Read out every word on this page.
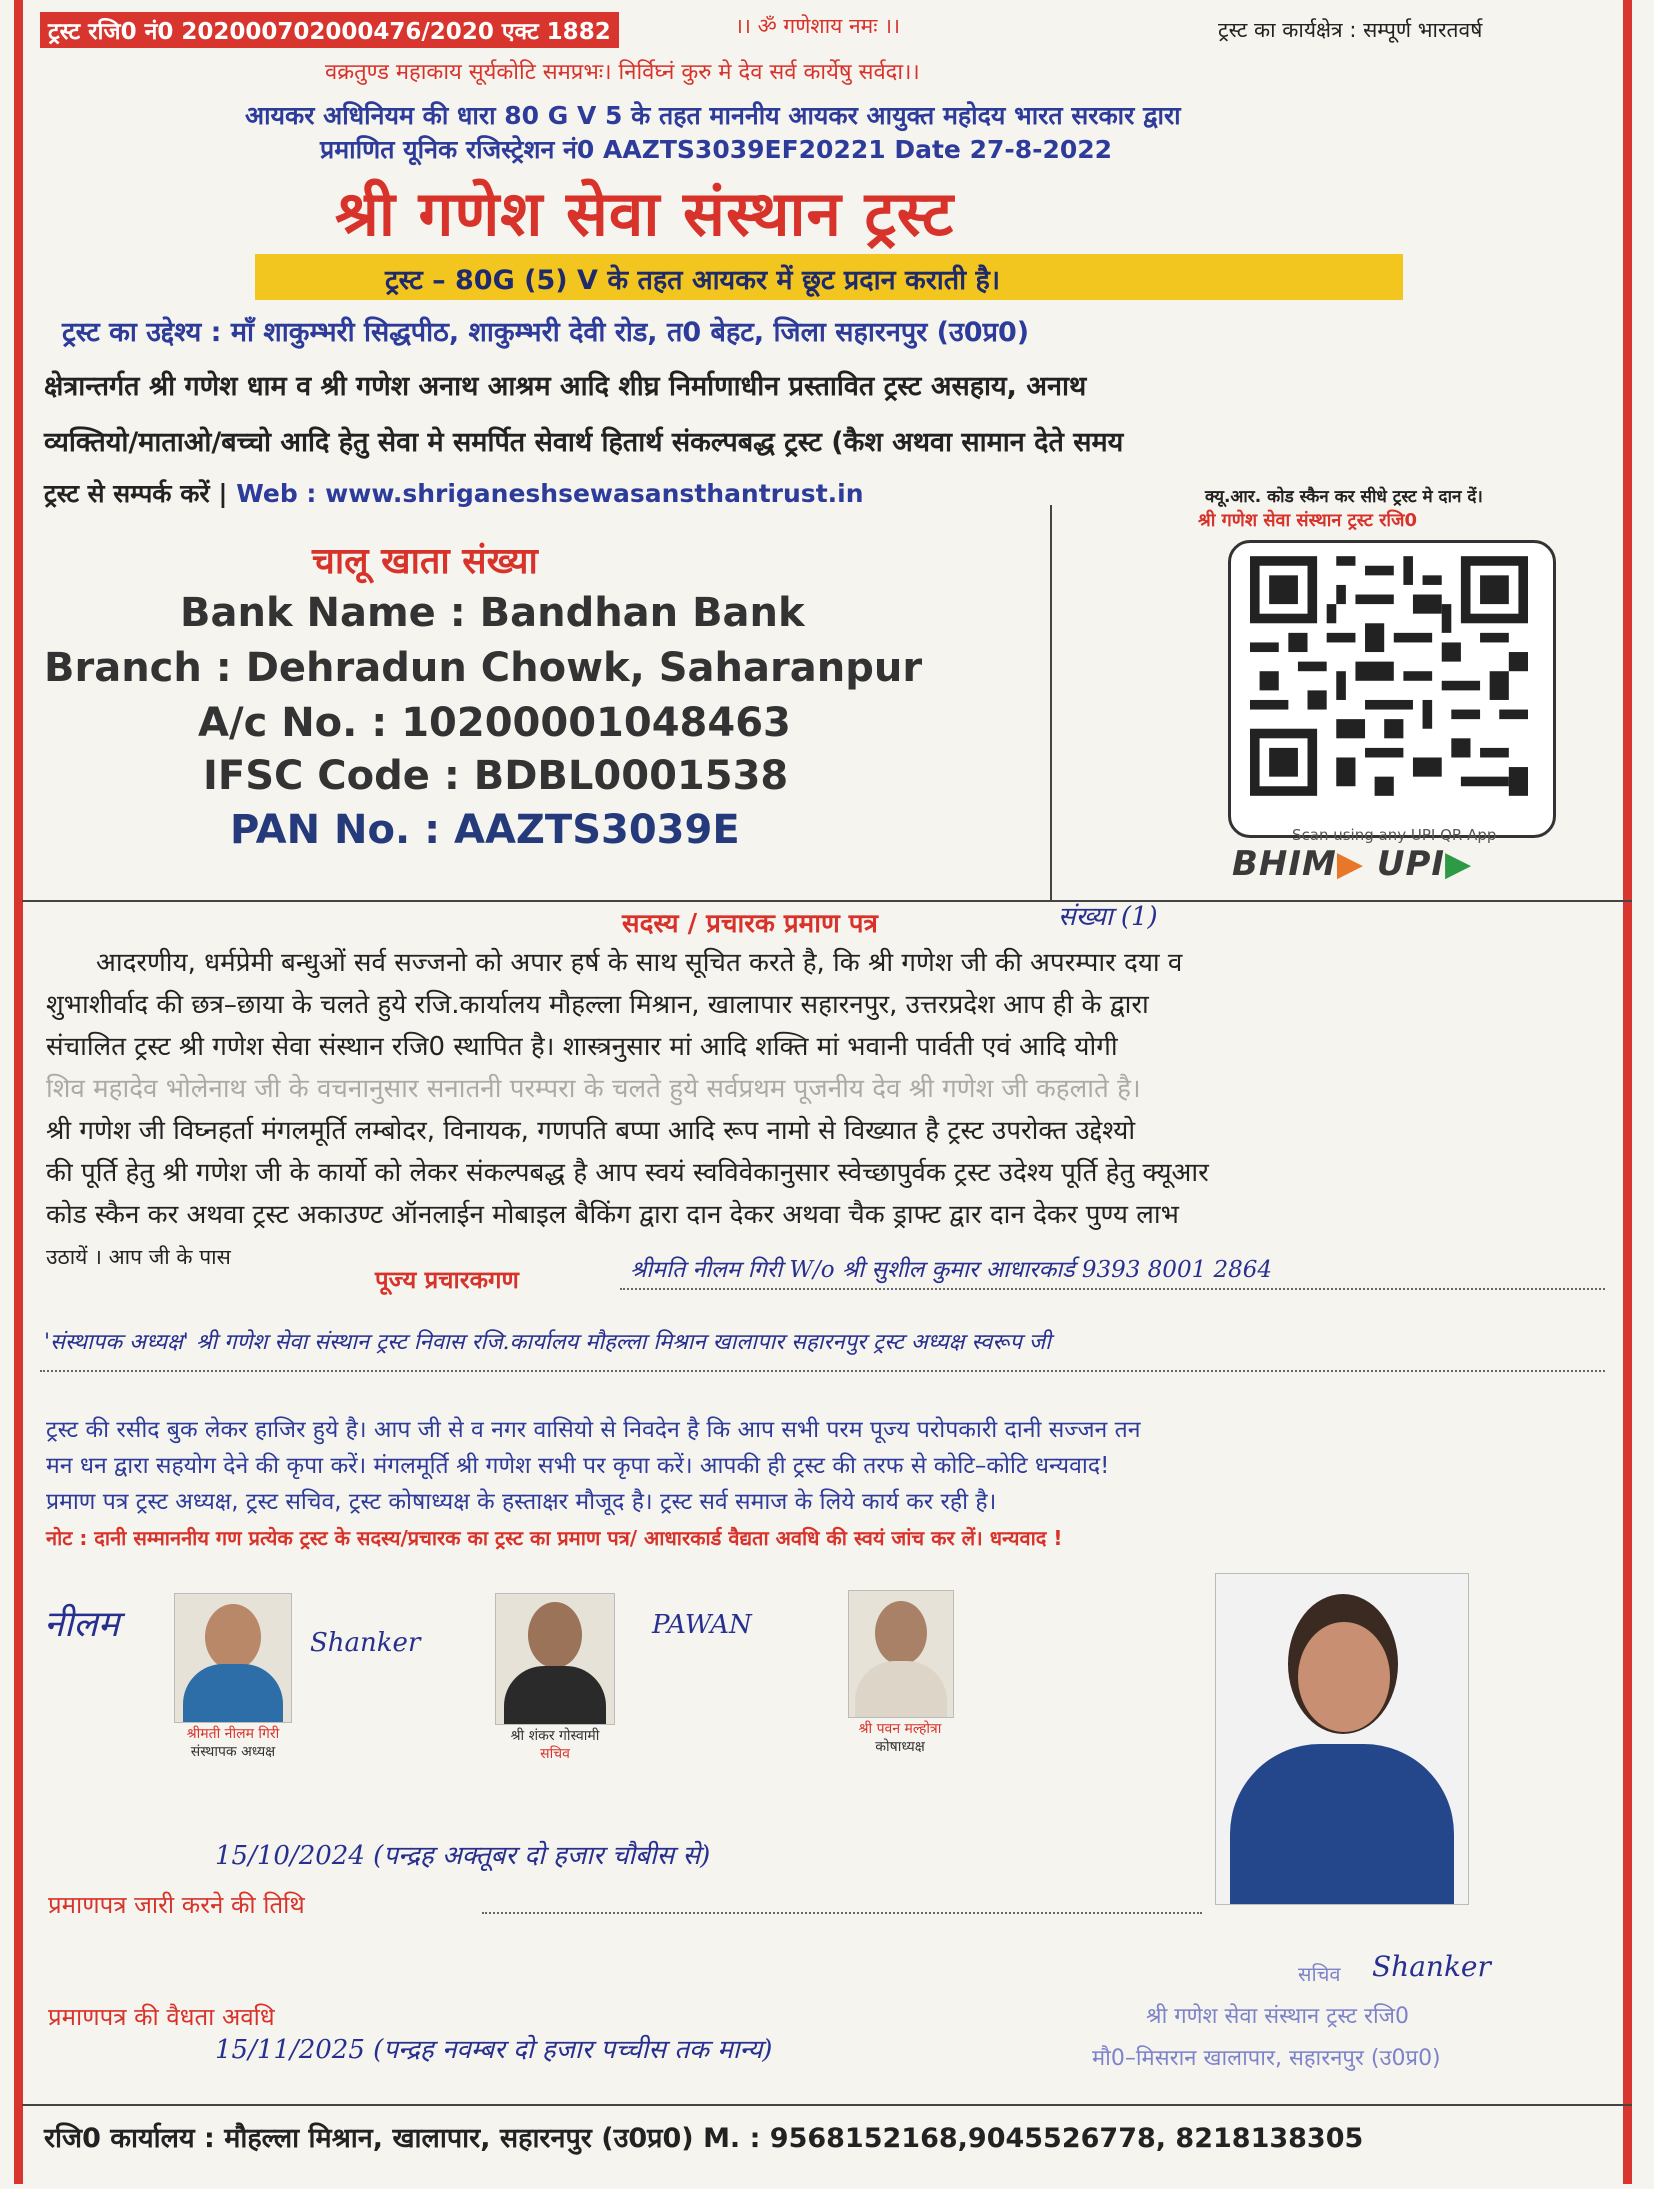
ट्रस्ट रजि0 नं0 202000702000476/2020 एक्ट 1882	।। ॐ गणेशाय नमः ।।	ट्रस्ट का कार्यक्षेत्र : सम्पूर्ण भारतवर्ष
वक्रतुण्ड महाकाय सूर्यकोटि समप्रभः। निर्विघ्नं कुरु मे देव सर्व कार्येषु सर्वदा।।
आयकर अधिनियम की धारा 80 G V 5 के तहत माननीय आयकर आयुक्त महोदय भारत सरकार द्वारा
प्रमाणित यूनिक रजिस्ट्रेशन नं0 AAZTS3039EF20221 Date 27-8-2022
श्री गणेश सेवा संस्थान ट्रस्ट
ट्रस्ट – 80G (5) V के तहत आयकर में छूट प्रदान कराती है।
ट्रस्ट का उद्देश्य : माँ शाकुम्भरी सिद्धपीठ, शाकुम्भरी देवी रोड, त0 बेहट, जिला सहारनपुर (उ0प्र0)
क्षेत्रान्तर्गत श्री गणेश धाम व श्री गणेश अनाथ आश्रम आदि शीघ्र निर्माणाधीन प्रस्तावित ट्रस्ट असहाय, अनाथ
व्यक्तियो/माताओ/बच्चो आदि हेतु सेवा मे समर्पित सेवार्थ हितार्थ संकल्पबद्ध ट्रस्ट (कैश अथवा सामान देते समय
ट्रस्ट से सम्पर्क करें | Web : www.shriganeshsewasansthantrust.in
चालू खाता संख्या
Bank Name : Bandhan Bank
Branch : Dehradun Chowk, Saharanpur
A/c No. : 10200001048463
IFSC Code : BDBL0001538
PAN No. : AAZTS3039E
क्यू.आर. कोड स्कैन कर सीधे ट्रस्ट मे दान दें।
श्री गणेश सेवा संस्थान ट्रस्ट रजि0
Scan using any UPI QR App
BHIM▶ UPI▶
सदस्य / प्रचारक प्रमाण पत्र	संख्या (1)
आदरणीय, धर्मप्रेमी बन्धुओं सर्व सज्जनो को अपार हर्ष के साथ सूचित करते है, कि श्री गणेश जी की अपरम्पार दया व
शुभाशीर्वाद की छत्र–छाया के चलते हुये रजि.कार्यालय मौहल्ला मिश्रान, खालापार सहारनपुर, उत्तरप्रदेश आप ही के द्वारा
संचालित ट्रस्ट श्री गणेश सेवा संस्थान रजि0 स्थापित है। शास्त्रनुसार मां आदि शक्ति मां भवानी पार्वती एवं आदि योगी
शिव महादेव भोलेनाथ जी के वचनानुसार सनातनी परम्परा के चलते हुये सर्वप्रथम पूजनीय देव श्री गणेश जी कहलाते है।
श्री गणेश जी विघ्नहर्ता मंगलमूर्ति लम्बोदर, विनायक, गणपति बप्पा आदि रूप नामो से विख्यात है ट्रस्ट उपरोक्त उद्देश्यो
की पूर्ति हेतु श्री गणेश जी के कार्यो को लेकर संकल्पबद्ध है आप स्वयं स्वविवेकानुसार स्वेच्छापुर्वक ट्रस्ट उदेश्य पूर्ति हेतु क्यूआर
कोड स्कैन कर अथवा ट्रस्ट अकाउण्ट ऑनलाईन मोबाइल बैकिंग द्वारा दान देकर अथवा चैक ड्राफ्ट द्वार दान देकर पुण्य लाभ
उठायें । आप जी के पास
पूज्य प्रचारकगण	श्रीमति नीलम गिरी W/o श्री सुशील कुमार आधारकार्ड 9393 8001 2864
'संस्थापक अध्यक्ष' श्री गणेश सेवा संस्थान ट्रस्ट निवास रजि.कार्यालय मौहल्ला मिश्रान खालापार सहारनपुर ट्रस्ट अध्यक्ष स्वरूप जी
ट्रस्ट की रसीद बुक लेकर हाजिर हुये है। आप जी से व नगर वासियो से निवदेन है कि आप सभी परम पूज्य परोपकारी दानी सज्जन तन
मन धन द्वारा सहयोग देने की कृपा करें। मंगलमूर्ति श्री गणेश सभी पर कृपा करें। आपकी ही ट्रस्ट की तरफ से कोटि–कोटि धन्यवाद!
प्रमाण पत्र ट्रस्ट अध्यक्ष, ट्रस्ट सचिव, ट्रस्ट कोषाध्यक्ष के हस्ताक्षर मौजूद है। ट्रस्ट सर्व समाज के लिये कार्य कर रही है।
नोट : दानी सम्माननीय गण प्रत्येक ट्रस्ट के सदस्य/प्रचारक का ट्रस्ट का प्रमाण पत्र/ आधारकार्ड वैद्यता अवधि की स्वयं जांच कर लें। धन्यवाद !
नीलम
श्रीमती नीलम गिरी
संस्थापक अध्यक्ष
Shanker
श्री शंकर गोस्वामी
सचिव
PAWAN
श्री पवन मल्होत्रा
कोषाध्यक्ष
15/10/2024 (पन्द्रह अक्तूबर दो हजार चौबीस से)
प्रमाणपत्र जारी करने की तिथि
प्रमाणपत्र की वैधता अवधि
15/11/2025 (पन्द्रह नवम्बर दो हजार पच्चीस तक मान्य)
सचिव Shanker
श्री गणेश सेवा संस्थान ट्रस्ट रजि0
मौ0–मिसरान खालापार, सहारनपुर (उ0प्र0)
रजि0 कार्यालय : मौहल्ला मिश्रान, खालापार, सहारनपुर (उ0प्र0) M. : 9568152168,9045526778, 8218138305
